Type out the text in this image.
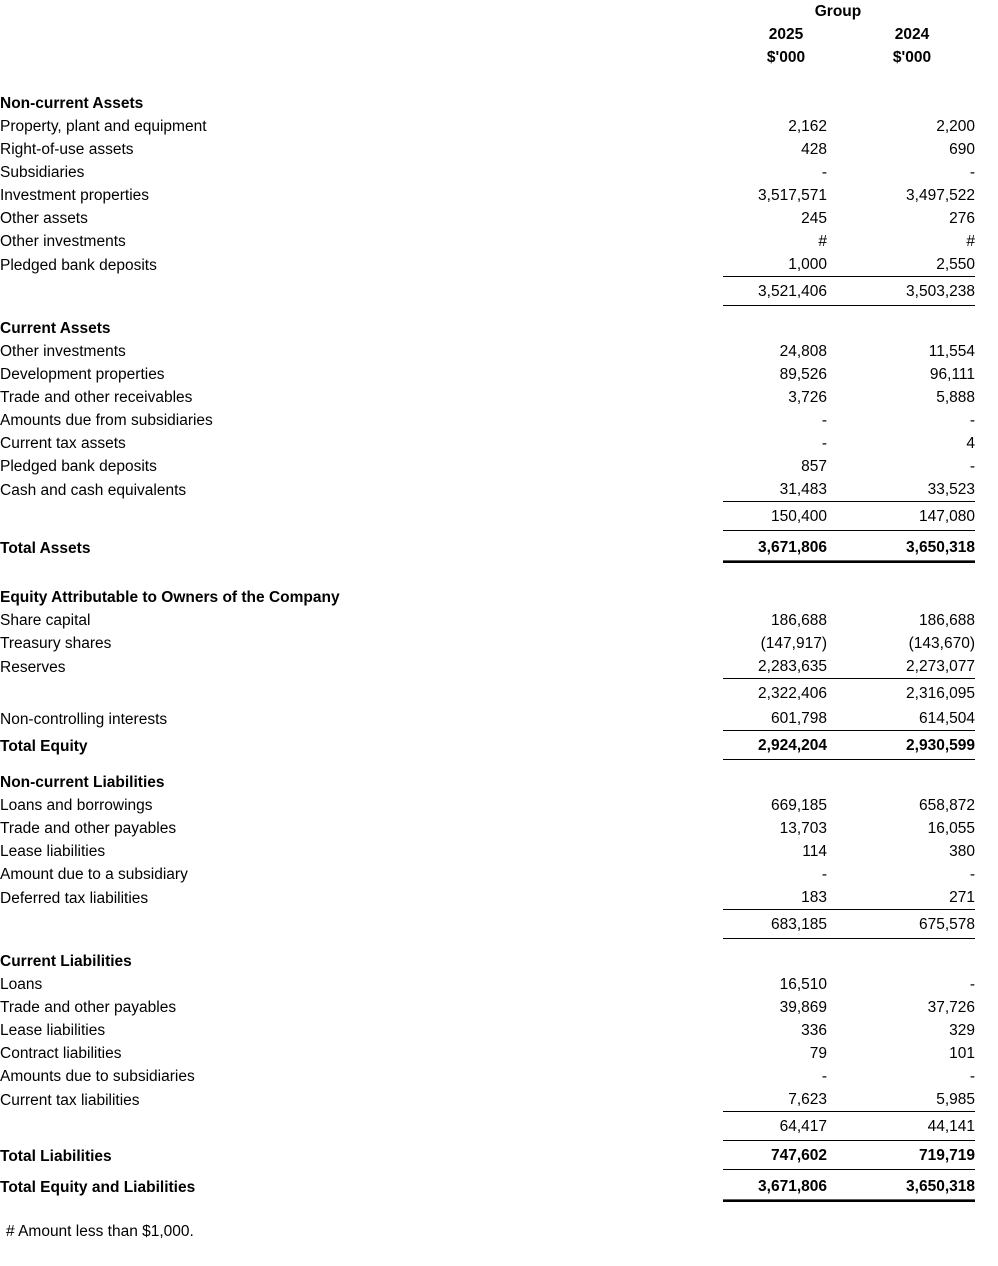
	Group	
	2025	2024
	$'000	$'000

Non-current Assets		
Property, plant and equipment	2,162	2,200
Right-of-use assets	428	690
Subsidiaries	-	-
Investment properties	3,517,571	3,497,522
Other assets	245	276
Other investments	#	#
Pledged bank deposits	1,000	2,550
	3,521,406	3,503,238

Current Assets		
Other investments	24,808	11,554
Development properties	89,526	96,111
Trade and other receivables	3,726	5,888
Amounts due from subsidiaries	-	-
Current tax assets	-	4
Pledged bank deposits	857	-
Cash and cash equivalents	31,483	33,523
	150,400	147,080
Total Assets	3,671,806	3,650,318

Equity Attributable to Owners of the Company		
Share capital	186,688	186,688
Treasury shares	(147,917)	(143,670)
Reserves	2,283,635	2,273,077
	2,322,406	2,316,095
Non-controlling interests	601,798	614,504
Total Equity	2,924,204	2,930,599

Non-current Liabilities		
Loans and borrowings	669,185	658,872
Trade and other payables	13,703	16,055
Lease liabilities	114	380
Amount due to a subsidiary	-	-
Deferred tax liabilities	183	271
	683,185	675,578

Current Liabilities		
Loans	16,510	-
Trade and other payables	39,869	37,726
Lease liabilities	336	329
Contract liabilities	79	101
Amounts due to subsidiaries	-	-
Current tax liabilities	7,623	5,985
	64,417	44,141
Total Liabilities	747,602	719,719
Total Equity and Liabilities	3,671,806	3,650,318
# Amount less than $1,000.
